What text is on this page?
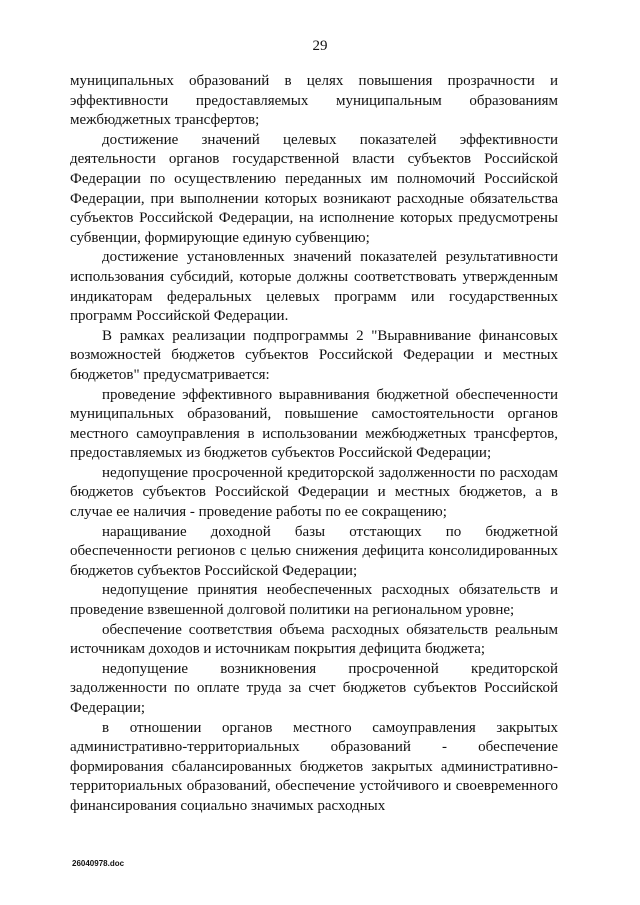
29

муниципальных образований в целях повышения прозрачности и эффективности предоставляемых муниципальным образованиям межбюджетных трансфертов;

достижение значений целевых показателей эффективности деятельности органов государственной власти субъектов Российской Федерации по осуществлению переданных им полномочий Российской Федерации, при выполнении которых возникают расходные обязательства субъектов Российской Федерации, на исполнение которых предусмотрены субвенции, формирующие единую субвенцию;

достижение установленных значений показателей результативности использования субсидий, которые должны соответствовать утвержденным индикаторам федеральных целевых программ или государственных программ Российской Федерации.

В рамках реализации подпрограммы 2 "Выравнивание финансовых возможностей бюджетов субъектов Российской Федерации и местных бюджетов" предусматривается:

проведение эффективного выравнивания бюджетной обеспеченности муниципальных образований, повышение самостоятельности органов местного самоуправления в использовании межбюджетных трансфертов, предоставляемых из бюджетов субъектов Российской Федерации;

недопущение просроченной кредиторской задолженности по расходам бюджетов субъектов Российской Федерации и местных бюджетов, а в случае ее наличия - проведение работы по ее сокращению;

наращивание доходной базы отстающих по бюджетной обеспеченности регионов с целью снижения дефицита консолидированных бюджетов субъектов Российской Федерации;

недопущение принятия необеспеченных расходных обязательств и проведение взвешенной долговой политики на региональном уровне;

обеспечение соответствия объема расходных обязательств реальным источникам доходов и источникам покрытия дефицита бюджета;

недопущение возникновения просроченной кредиторской задолженности по оплате труда за счет бюджетов субъектов Российской Федерации;

в отношении органов местного самоуправления закрытых административно-территориальных образований - обеспечение формирования сбалансированных бюджетов закрытых административно-территориальных образований, обеспечение устойчивого и своевременного финансирования социально значимых расходных

26040978.doc
